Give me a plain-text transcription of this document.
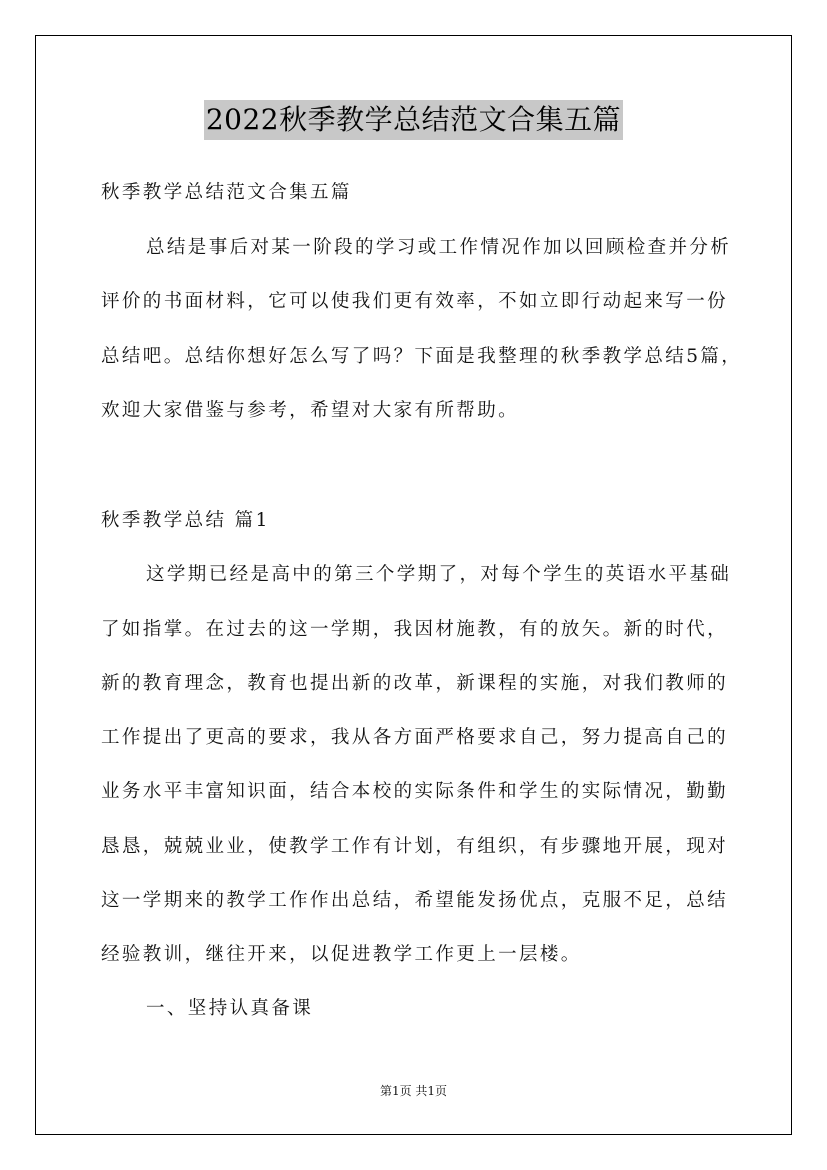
2022秋季教学总结范文合集五篇
秋季教学总结范文合集五篇
总结是事后对某一阶段的学习或工作情况作加以回顾检查并分析
评价的书面材料，它可以使我们更有效率，不如立即行动起来写一份
总结吧。总结你想好怎么写了吗？下面是我整理的秋季教学总结5篇，
欢迎大家借鉴与参考，希望对大家有所帮助。
秋季教学总结 篇1
这学期已经是高中的第三个学期了，对每个学生的英语水平基础
了如指掌。在过去的这一学期，我因材施教，有的放矢。新的时代，
新的教育理念，教育也提出新的改革，新课程的实施，对我们教师的
工作提出了更高的要求，我从各方面严格要求自己，努力提高自己的
业务水平丰富知识面，结合本校的实际条件和学生的实际情况，勤勤
恳恳，兢兢业业，使教学工作有计划，有组织，有步骤地开展，现对
这一学期来的教学工作作出总结，希望能发扬优点，克服不足，总结
经验教训，继往开来，以促进教学工作更上一层楼。
一、坚持认真备课
第1页 共1页
